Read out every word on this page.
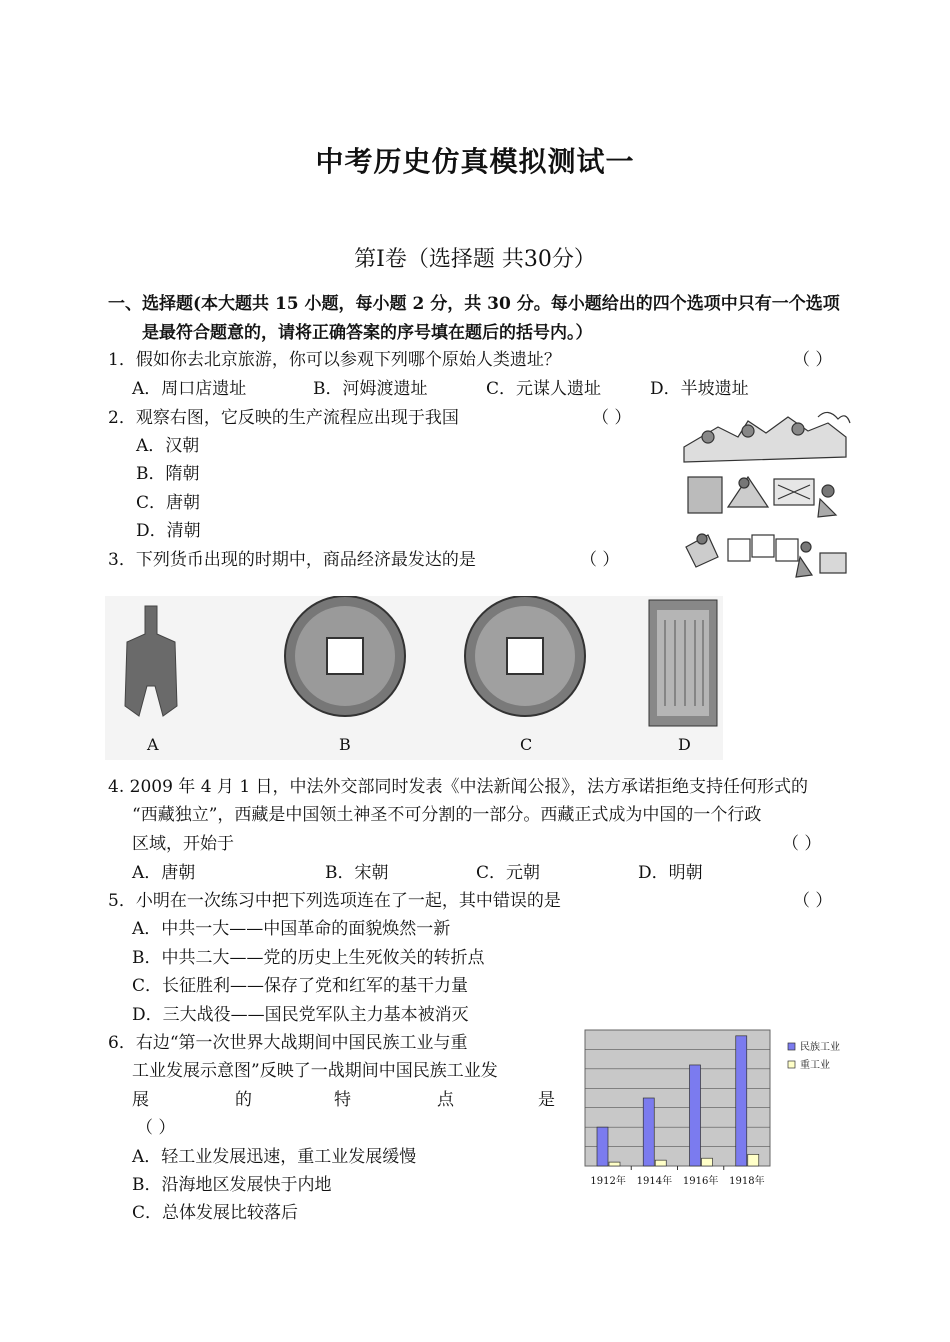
中考历史仿真模拟测试一
第Ⅰ卷（选择题 共30分）
一、选择题(本大题共 15 小题，每小题 2 分，共 30 分。每小题给出的四个选项中只有一个选项
是最符合题意的，请将正确答案的序号填在题后的括号内。）
1．假如你去北京旅游，你可以参观下列哪个原始人类遗址？	（ ）
A．周口店遗址	B．河姆渡遗址	C．元谋人遗址	D．半坡遗址
2．观察右图，它反映的生产流程应出现于我国	（ ）
A．汉朝
B．隋朝
C．唐朝
D．清朝
3．下列货币出现的时期中，商品经济最发达的是	（ ）
A	B	C	D
4. 2009 年 4 月 1 日，中法外交部同时发表《中法新闻公报》，法方承诺拒绝支持任何形式的
“西藏独立”，西藏是中国领土神圣不可分割的一部分。西藏正式成为中国的一个行政
区域，开始于	（ ）
A．唐朝	B．宋朝	C．元朝	D．明朝
5．小明在一次练习中把下列选项连在了一起，其中错误的是	（ ）
A．中共一大——中国革命的面貌焕然一新
B．中共二大——党的历史上生死攸关的转折点
C．长征胜利——保存了党和红军的基干力量
D．三大战役——国民党军队主力基本被消灭
6．右边“第一次世界大战期间中国民族工业与重
工业发展示意图”反映了一战期间中国民族工业发
展	的	特	点	是
（ ）
A．轻工业发展迅速，重工业发展缓慢
B．沿海地区发展快于内地
C．总体发展比较落后
1912年 1914年 1916年 1918年
民族工业
重工业
